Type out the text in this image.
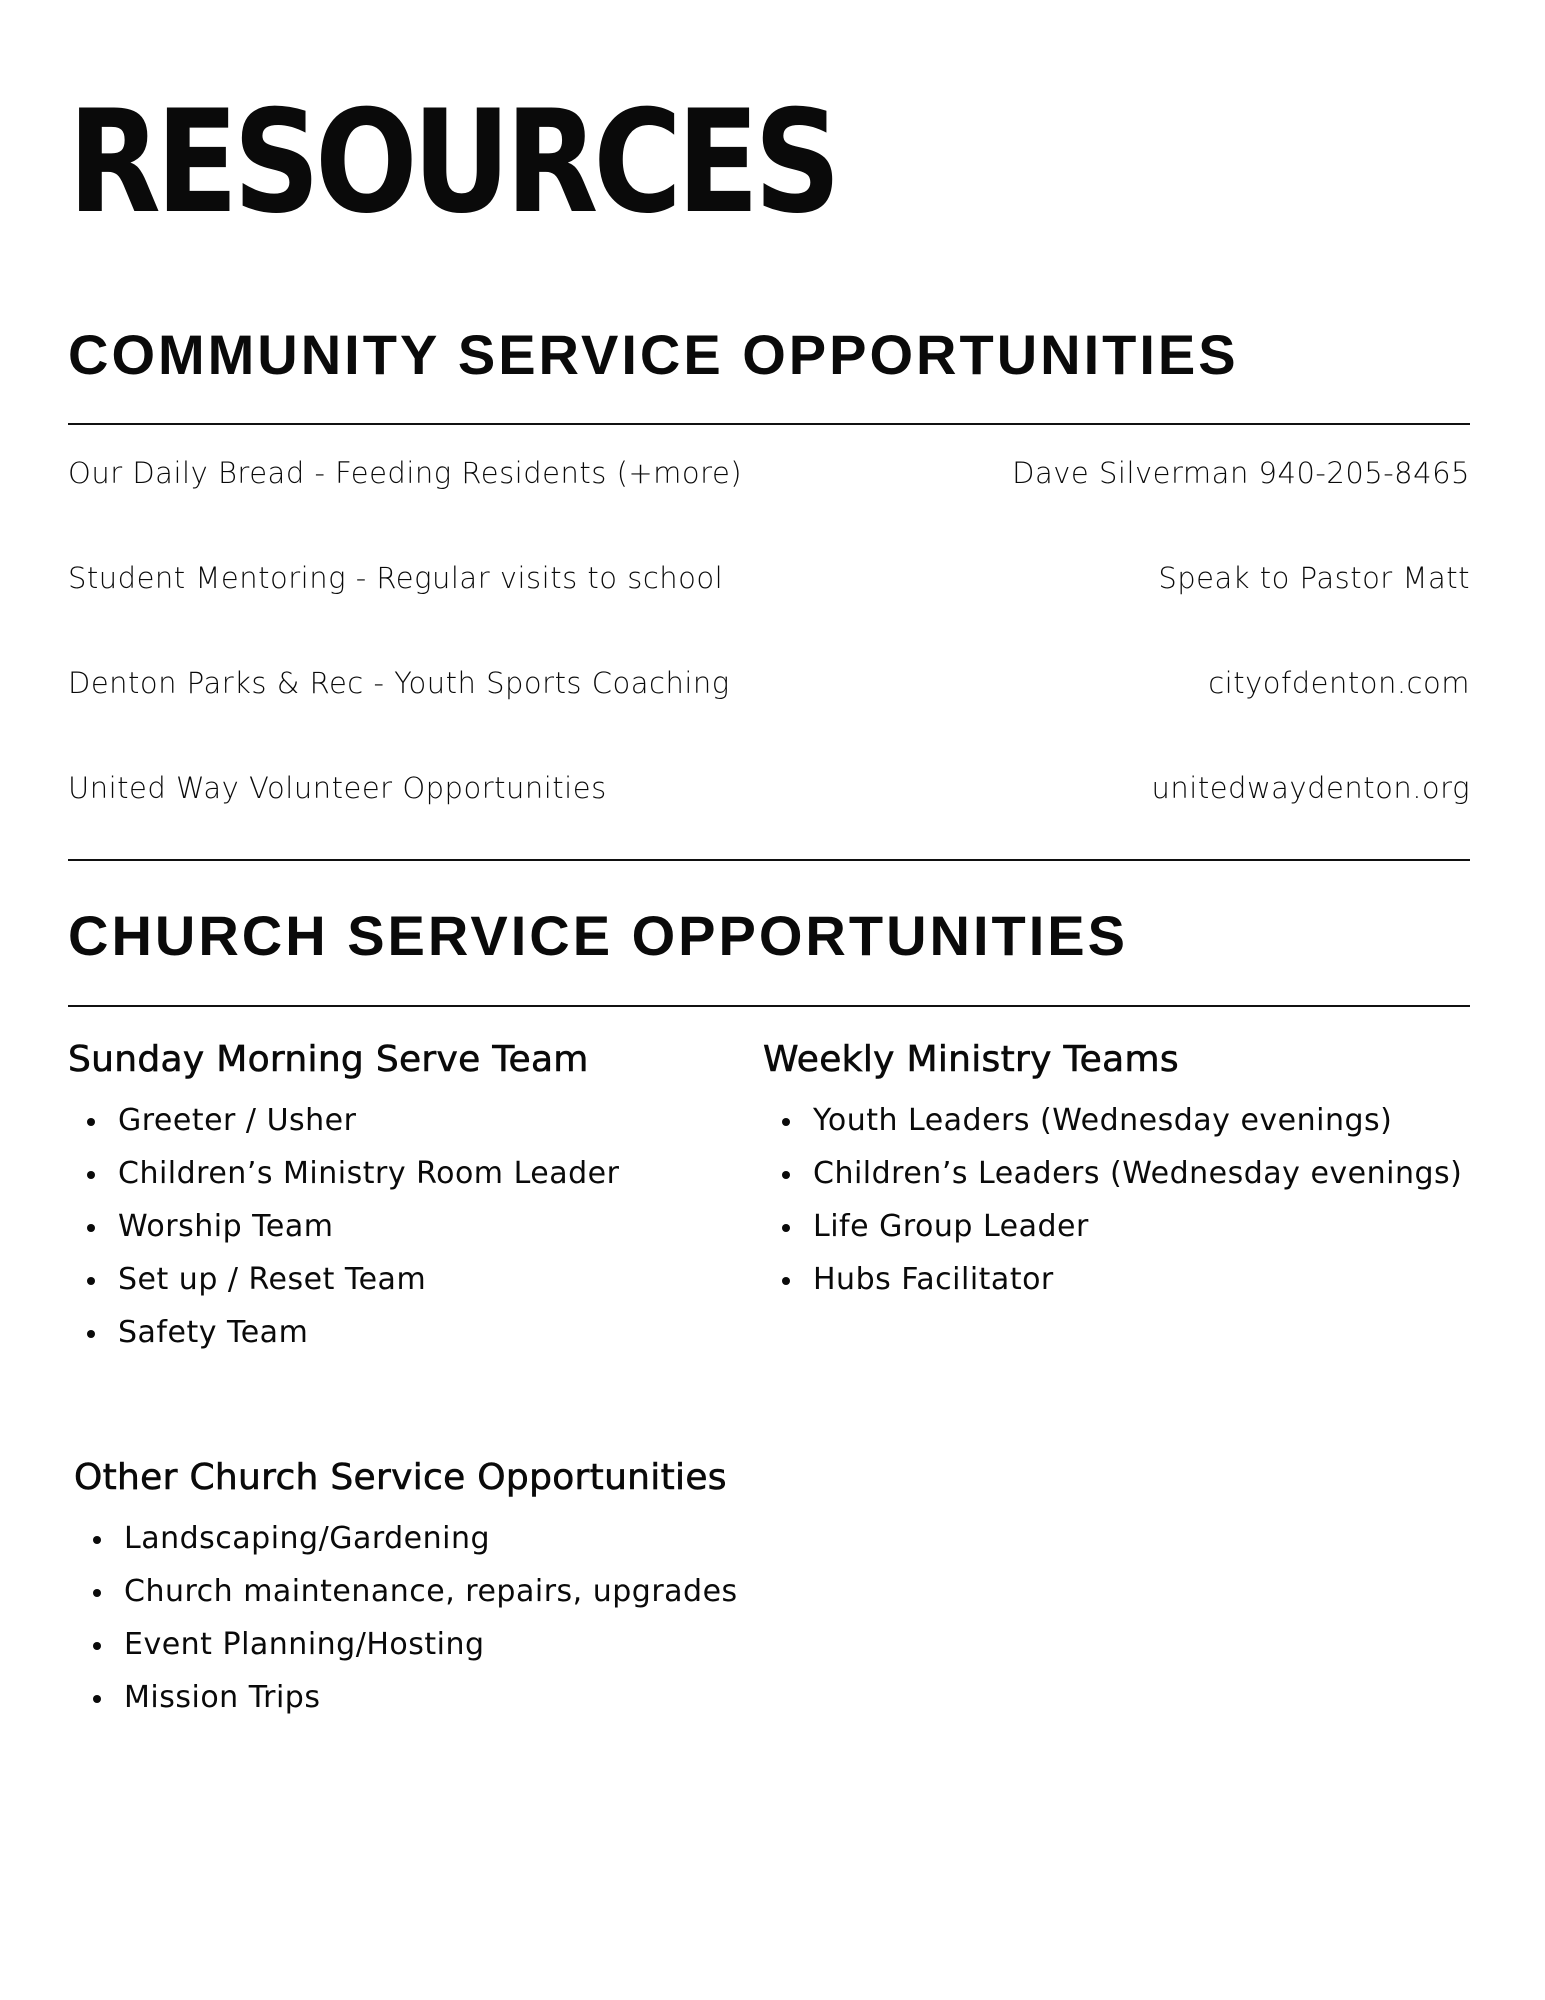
RESOURCES
COMMUNITY SERVICE OPPORTUNITIES
Our Daily Bread - Feeding Residents (+more)	Dave Silverman 940-205-8465
Student Mentoring - Regular visits to school	Speak to Pastor Matt
Denton Parks & Rec - Youth Sports Coaching	cityofdenton.com
United Way Volunteer Opportunities	unitedwaydenton.org
CHURCH SERVICE OPPORTUNITIES
Sunday Morning Serve Team
Greeter / Usher
Children’s Ministry Room Leader
Worship Team
Set up / Reset Team
Safety Team
Weekly Ministry Teams
Youth Leaders (Wednesday evenings)
Children’s Leaders (Wednesday evenings)
Life Group Leader
Hubs Facilitator
Other Church Service Opportunities
Landscaping/Gardening
Church maintenance, repairs, upgrades
Event Planning/Hosting
Mission Trips
